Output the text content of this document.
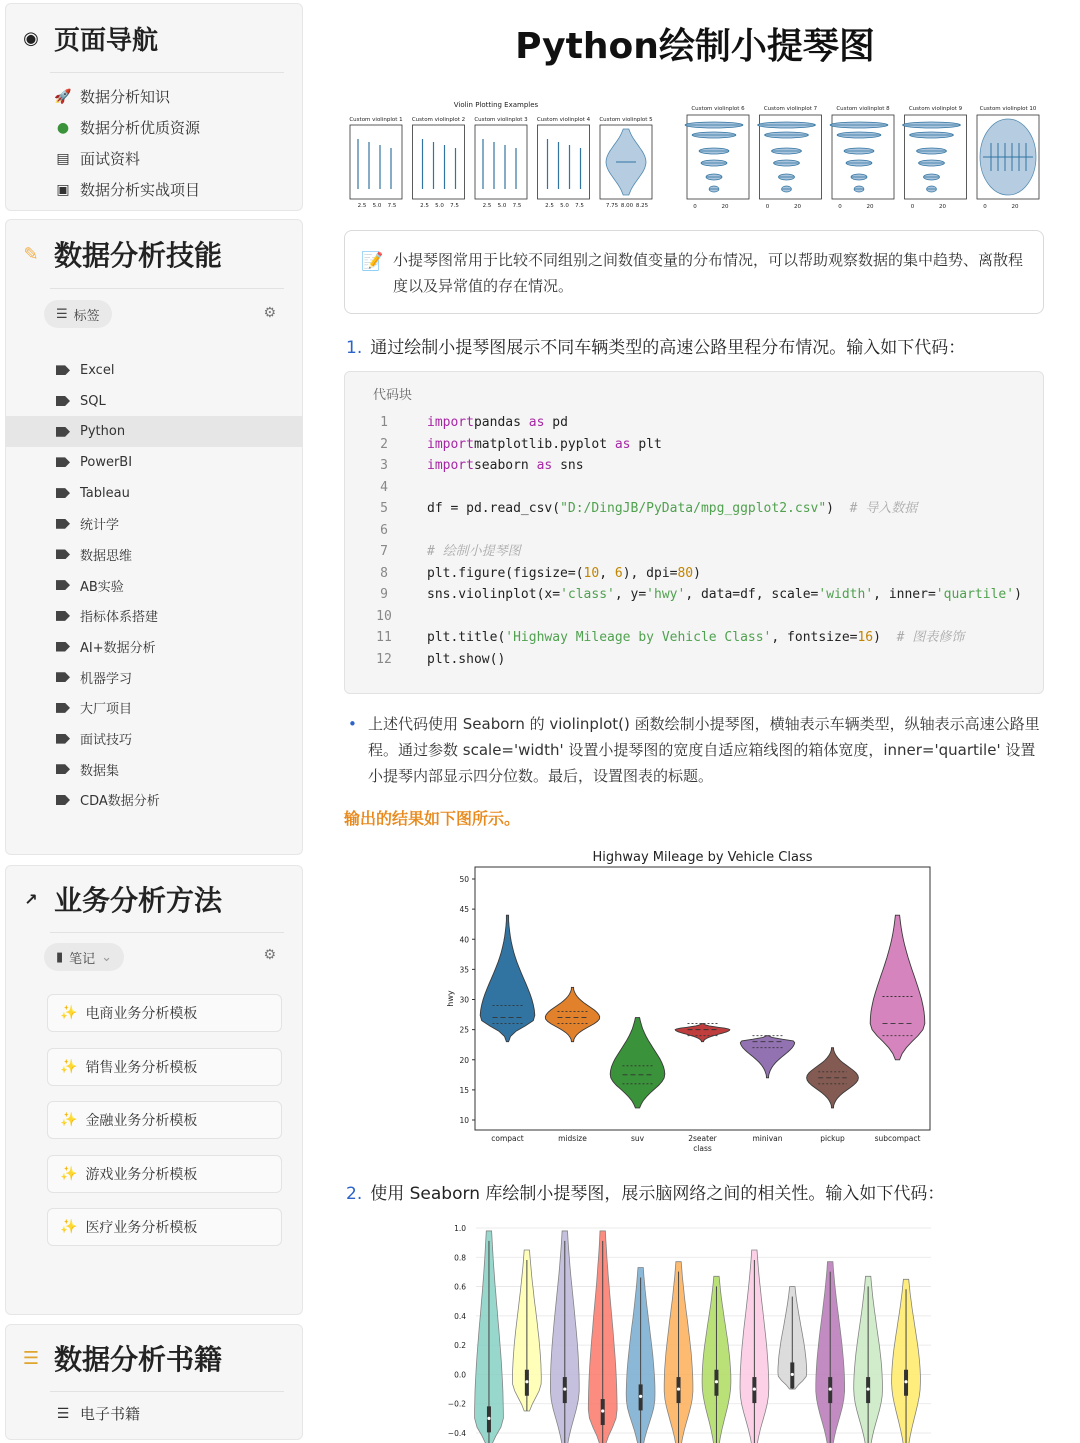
◉ 页面导航
🚀 数据分析知识
● 数据分析优质资源
▤ 面试资料
▣ 数据分析实战项目
✎ 数据分析技能
☰ 标签	⚙
Excel
SQL
Python
PowerBI
Tableau
统计学
数据思维
AB实验
指标体系搭建
AI+数据分析
机器学习
大厂项目
面试技巧
数据集
CDA数据分析
↗ 业务分析方法
▮ 笔记 ⌄	⚙
✨ 电商业务分析模板
✨ 销售业务分析模板
✨ 金融业务分析模板
✨ 游戏业务分析模板
✨ 医疗业务分析模板
☰ 数据分析书籍
☰ 电子书籍
Python绘制小提琴图
Violin Plotting Examples
Custom violinplot 1
2.5 5.0 7.5
Custom violinplot 2
2.5 5.0 7.5
Custom violinplot 3
2.5 5.0 7.5
Custom violinplot 4
2.5 5.0 7.5
Custom violinplot 5
7.75 8.00 8.25
Custom violinplot 6
0	20
Custom violinplot 7
0	20
Custom violinplot 8
0	20
Custom violinplot 9
0	20
Custom violinplot 10
0	20
📝 小提琴图常用于比较不同组别之间数值变量的分布情况，可以帮助观察数据的集中趋势、离散程度以及异常值的存在情况。
1. 通过绘制小提琴图展示不同车辆类型的高速公路里程分布情况。输入如下代码：
代码块
1	importpandas as pd
2	importmatplotlib.pyplot as plt
3	importseaborn as sns
4
5	df = pd.read_csv("D:/DingJB/PyData/mpg_ggplot2.csv")  # 导入数据
6
7	# 绘制小提琴图
8	plt.figure(figsize=(10, 6), dpi=80)
9	sns.violinplot(x='class', y='hwy', data=df, scale='width', inner='quartile')
10
11	plt.title('Highway Mileage by Vehicle Class', fontsize=16)  # 图表修饰
12	plt.show()
• 上述代码使用 Seaborn 的 violinplot() 函数绘制小提琴图，横轴表示车辆类型，纵轴表示高速公路里程。通过参数 scale='width' 设置小提琴图的宽度自适应箱线图的箱体宽度，inner='quartile' 设置小提琴内部显示四分位数。最后，设置图表的标题。
输出的结果如下图所示。
Highway Mileage by Vehicle Class
10
15
20
25
30
35
40
45
50
hwy
compact	midsize	suv	2seater	minivan	pickup	subcompact
class
2. 使用 Seaborn 库绘制小提琴图，展示脑网络之间的相关性。输入如下代码：
1.0
0.8
0.6
0.4
0.2
0.0
−0.2
−0.4
